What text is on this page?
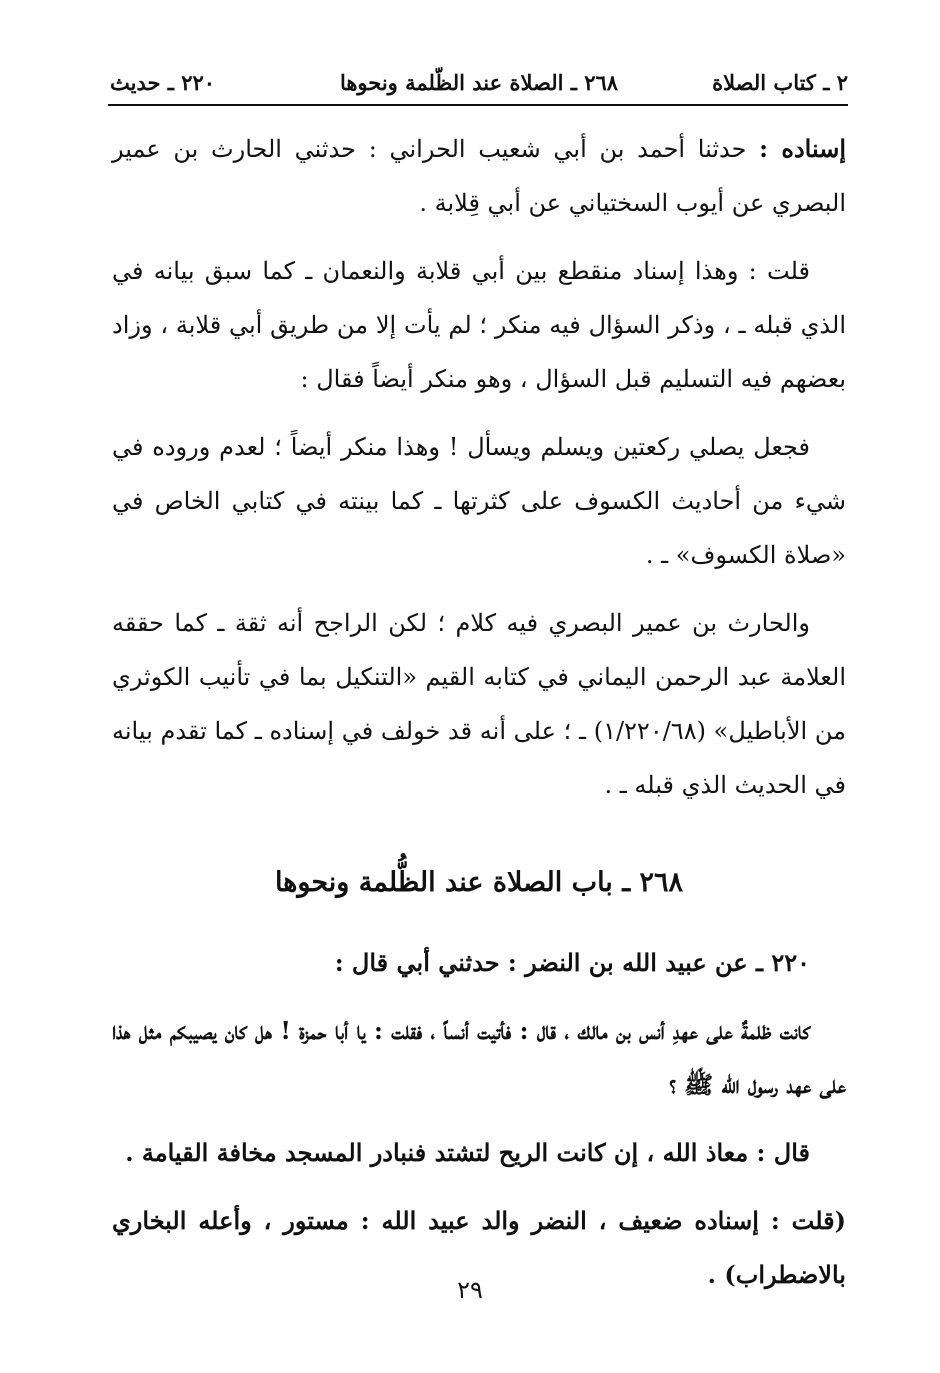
٢ ـ كتاب الصلاة
٢٦٨ ـ الصلاة عند الظّلمة ونحوها
٢٢٠ ـ حديث

إسناده : حدثنا أحمد بن أبي شعيب الحراني : حدثني الحارث بن عمير البصري عن أيوب السختياني عن أبي قِلابة .

قلت : وهذا إسناد منقطع بين أبي قلابة والنعمان ـ كما سبق بيانه في الذي قبله ـ ، وذكر السؤال فيه منكر ؛ لم يأت إلا من طريق أبي قلابة ، وزاد بعضهم فيه التسليم قبل السؤال ، وهو منكر أيضاً فقال :

فجعل يصلي ركعتين ويسلم ويسأل ! وهذا منكر أيضاً ؛ لعدم وروده في شيء من أحاديث الكسوف على كثرتها ـ كما بينته في كتابي الخاص في «صلاة الكسوف» ـ .

والحارث بن عمير البصري فيه كلام ؛ لكن الراجح أنه ثقة ـ كما حققه العلامة عبد الرحمن اليماني في كتابه القيم «التنكيل بما في تأنيب الكوثري من الأباطيل» (١/٢٢٠/٦٨) ـ ؛ على أنه قد خولف في إسناده ـ كما تقدم بيانه في الحديث الذي قبله ـ .

٢٦٨ ـ باب الصلاة عند الظُّلمة ونحوها

٢٢٠ ـ عن عبيد الله بن النضر : حدثني أبي قال :

كانت ظلمةٌ على عهدِ أنس بن مالك ، قال : فأتيت أنساً ، فقلت : يا أبا حمزة ! هل كان يصيبكم مثل هذا على عهد رسول الله ﷺ ؟

قال : معاذ الله ، إن كانت الريح لتشتد فنبادر المسجد مخافة القيامة .

(قلت : إسناده ضعيف ، النضر والد عبيد الله : مستور ، وأعله البخاري بالاضطراب) .

٢٩
